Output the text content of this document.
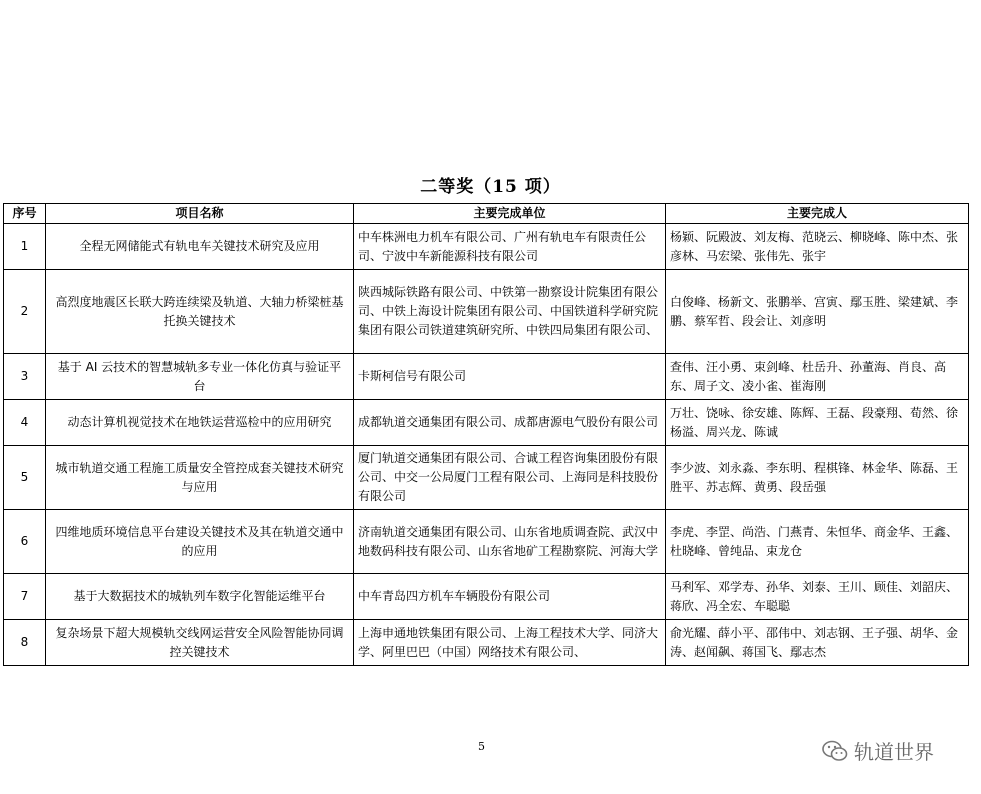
二等奖（15 项）
序号	项目名称	主要完成单位	主要完成人
1	全程无网储能式有轨电车关键技术研究及应用	中车株洲电力机车有限公司、广州有轨电车有限责任公司、宁波中车新能源科技有限公司	杨颖、阮殿波、刘友梅、范晓云、柳晓峰、陈中杰、张彦林、马宏梁、张伟先、张宇
2	高烈度地震区长联大跨连续梁及轨道、大轴力桥梁桩基托换关键技术	陕西城际铁路有限公司、中铁第一勘察设计院集团有限公司、中铁上海设计院集团有限公司、中国铁道科学研究院集团有限公司铁道建筑研究所、中铁四局集团有限公司、	白俊峰、杨新文、张鹏举、宫寅、鄢玉胜、梁建斌、李鹏、蔡军哲、段会让、刘彦明
3	基于 AI 云技术的智慧城轨多专业一体化仿真与验证平台	卡斯柯信号有限公司	查伟、汪小勇、束剑峰、杜岳升、孙董海、肖良、高东、周子文、凌小雀、崔海刚
4	动态计算机视觉技术在地铁运营巡检中的应用研究	成都轨道交通集团有限公司、成都唐源电气股份有限公司	万壮、饶咏、徐安雄、陈辉、王磊、段豪翔、荀然、徐杨溢、周兴龙、陈诚
5	城市轨道交通工程施工质量安全管控成套关键技术研究与应用	厦门轨道交通集团有限公司、合诚工程咨询集团股份有限公司、中交一公局厦门工程有限公司、上海同是科技股份有限公司	李少波、刘永淼、李东明、程棋锋、林金华、陈磊、王胜平、苏志辉、黄勇、段岳强
6	四维地质环境信息平台建设关键技术及其在轨道交通中的应用	济南轨道交通集团有限公司、山东省地质调查院、武汉中地数码科技有限公司、山东省地矿工程勘察院、河海大学	李虎、李罡、尚浩、门燕青、朱恒华、商金华、王鑫、杜晓峰、曾纯品、束龙仓
7	基于大数据技术的城轨列车数字化智能运维平台	中车青岛四方机车车辆股份有限公司	马利军、邓学寿、孙华、刘泰、王川、顾佳、刘韶庆、蒋欣、冯全宏、车聪聪
8	复杂场景下超大规模轨交线网运营安全风险智能协同调控关键技术	上海申通地铁集团有限公司、上海工程技术大学、同济大学、阿里巴巴（中国）网络技术有限公司、	俞光耀、薛小平、邵伟中、刘志钢、王子强、胡华、金涛、赵闻飙、蒋国飞、鄢志杰
5	轨道世界
